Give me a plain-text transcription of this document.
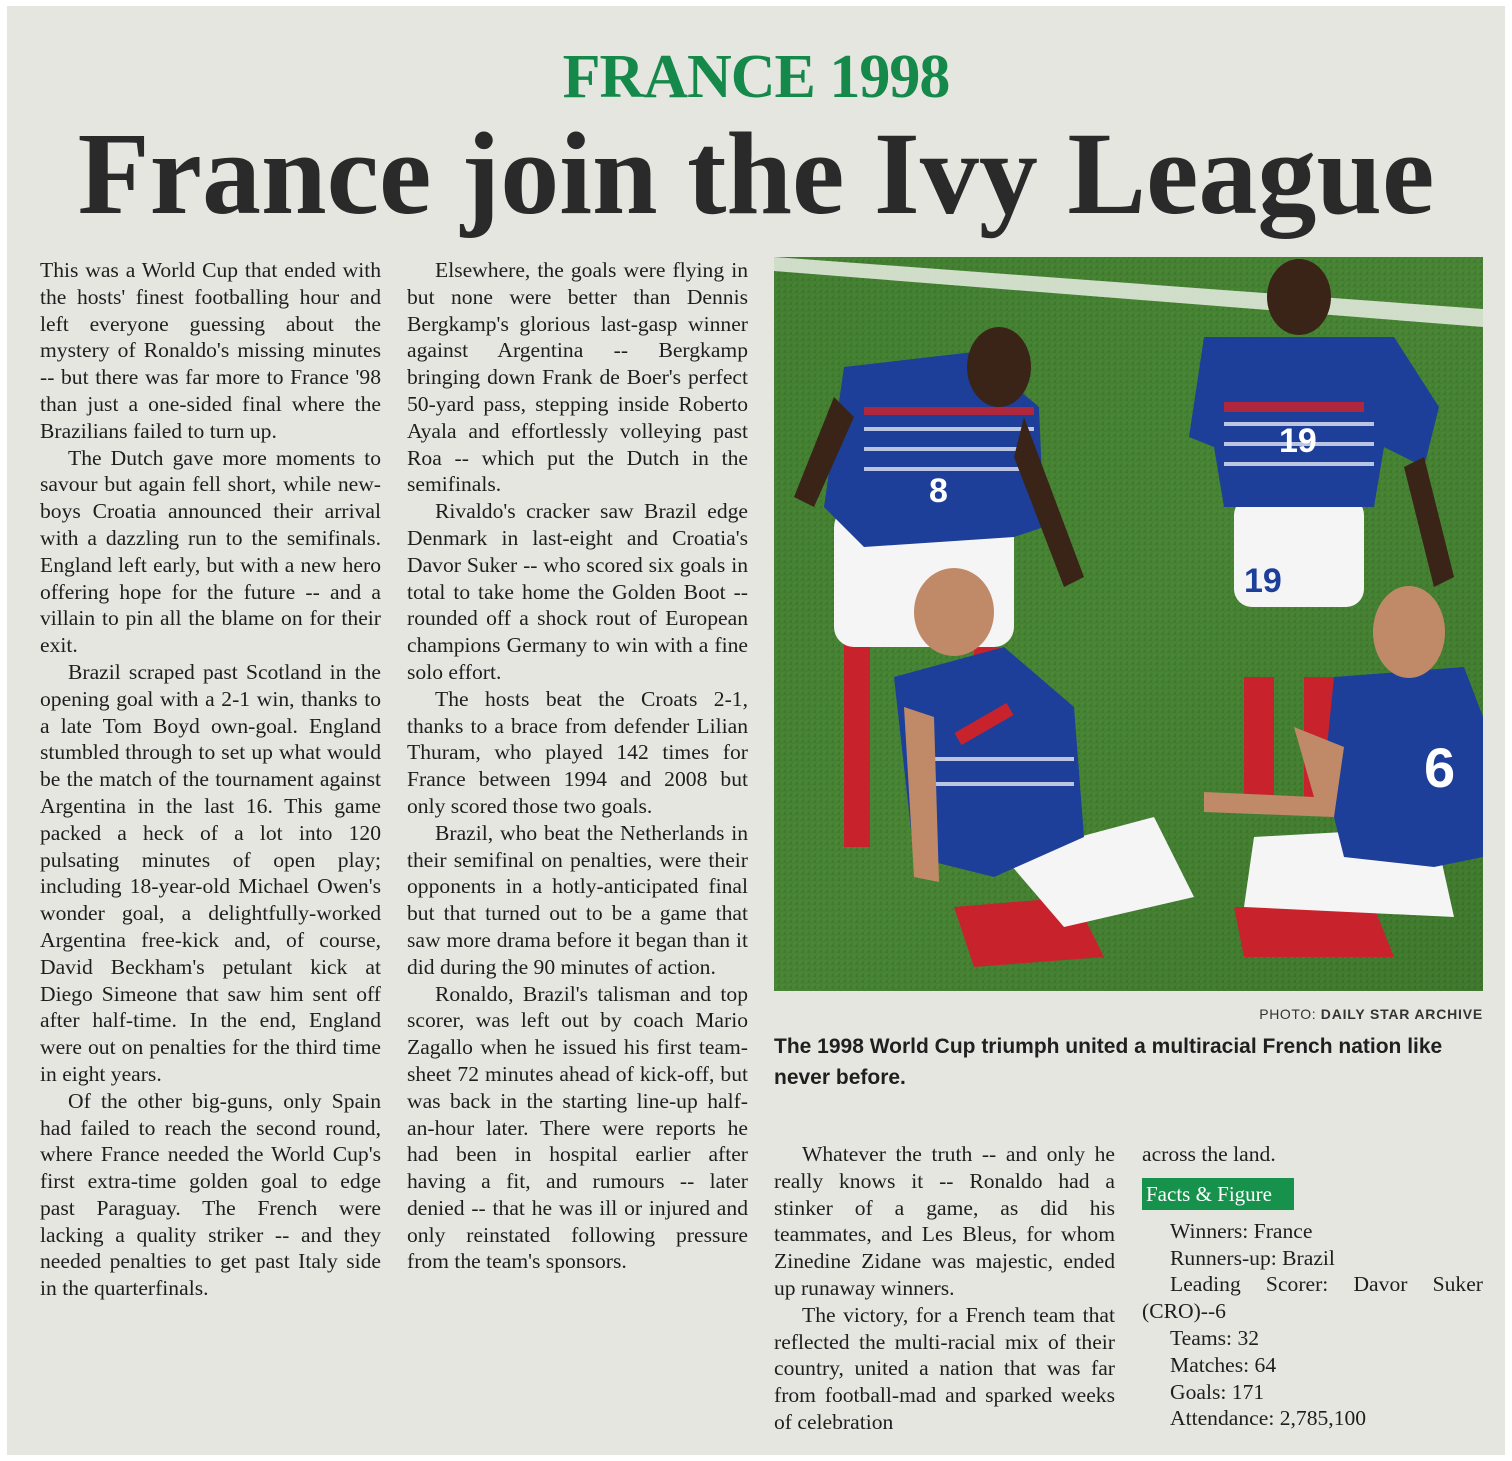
FRANCE 1998
France join the Ivy League

This was a World Cup that ended with the hosts' finest footballing hour and left everyone guessing about the mystery of Ronaldo's missing minutes -- but there was far more to France '98 than just a one-sided final where the Brazilians failed to turn up.

The Dutch gave more moments to savour but again fell short, while new-boys Croatia announced their arrival with a dazzling run to the semifinals. England left early, but with a new hero offering hope for the future -- and a villain to pin all the blame on for their exit.

Brazil scraped past Scotland in the opening goal with a 2-1 win, thanks to a late Tom Boyd own-goal. England stumbled through to set up what would be the match of the tournament against Argentina in the last 16. This game packed a heck of a lot into 120 pulsating minutes of open play; including 18-year-old Michael Owen's wonder goal, a delightfully-worked Argentina free-kick and, of course, David Beckham's petulant kick at Diego Simeone that saw him sent off after half-time. In the end, England were out on penalties for the third time in eight years.

Of the other big-guns, only Spain had failed to reach the second round, where France needed the World Cup's first extra-time golden goal to edge past Paraguay. The French were lacking a quality striker -- and they needed penalties to get past Italy side in the quarterfinals.

Elsewhere, the goals were flying in but none were better than Dennis Bergkamp's glorious last-gasp winner against Argentina -- Bergkamp bringing down Frank de Boer's perfect 50-yard pass, stepping inside Roberto Ayala and effortlessly volleying past Roa -- which put the Dutch in the semifinals.

Rivaldo's cracker saw Brazil edge Denmark in last-eight and Croatia's Davor Suker -- who scored six goals in total to take home the Golden Boot -- rounded off a shock rout of European champions Germany to win with a fine solo effort.

The hosts beat the Croats 2-1, thanks to a brace from defender Lilian Thuram, who played 142 times for France between 1994 and 2008 but only scored those two goals.

Brazil, who beat the Netherlands in their semifinal on penalties, were their opponents in a hotly-anticipated final but that turned out to be a game that saw more drama before it began than it did during the 90 minutes of action.

Ronaldo, Brazil's talisman and top scorer, was left out by coach Mario Zagallo when he issued his first team-sheet 72 minutes ahead of kick-off, but was back in the starting line-up half-an-hour later. There were reports he had been in hospital earlier after having a fit, and rumours -- later denied -- that he was ill or injured and only reinstated following pressure from the team's sponsors.

8
19
19
6
PHOTO: DAILY STAR ARCHIVE
The 1998 World Cup triumph united a multiracial French nation like never before.

Whatever the truth -- and only he really knows it -- Ronaldo had a stinker of a game, as did his teammates, and Les Bleus, for whom Zinedine Zidane was majestic, ended up runaway winners.

The victory, for a French team that reflected the multi-racial mix of their country, united a nation that was far from football-mad and sparked weeks of celebration

across the land.

Facts & Figure

Winners: France

Runners-up: Brazil

Leading Scorer: Davor Suker (CRO)--6

Teams: 32

Matches: 64

Goals: 171

Attendance: 2,785,100
